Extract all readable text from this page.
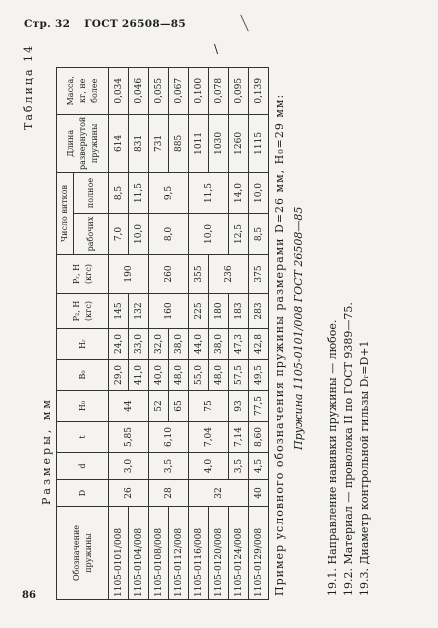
Стр. 32 ГОСТ 26508—85
\
86
Таблица 14
Размеры, мм
Обозначение пружины	D	d	t	H₀	B₀	Hᵣ	P₂, Н (кгс)	Pᵣ, Н (кгс)	Число витков		Длина развернутой пружины	Масса, кг, не более
									рабочих	полное		
1105-0101/008	26	3,0	5,85	44	29,0	24,0	145	190	7,0	8,5	614	0,034
1105-0104/008					41,0	33,0	132		10,0	11,5	831	0,046
1105-0108/008	28	3,5	6,10	52	40,0	32,0	160	260	8,0	9,5	731	0,055
1105-0112/008				65	48,0	38,0					885	0,067
1105-0116/008	32	4,0	7,04	75	55,0	44,0	225	355	10,0	11,5	1011	0,100
1105-0120/008					48,0	38,0	180	236			1030	0,078
1105-0124/008		3,5	7,14	93	57,5	47,3	183		12,5	14,0	1260	0,095
1105-0129/008	40	4,5	8,60	77,5	49,5	42,8	283	375	8,5	10,0	1115	0,139
Пример условного обозначения пружины размерами D=26 мм, H₀=29 мм: Пружина 1105-0101/008 ГОСТ 26508—85 19.1. Направление навивки пружины — любое. 19.2. Материал — проволока II по ГОСТ 9389—75. 19.3. Диаметр контрольной гильзы Dᵣ=D+1
